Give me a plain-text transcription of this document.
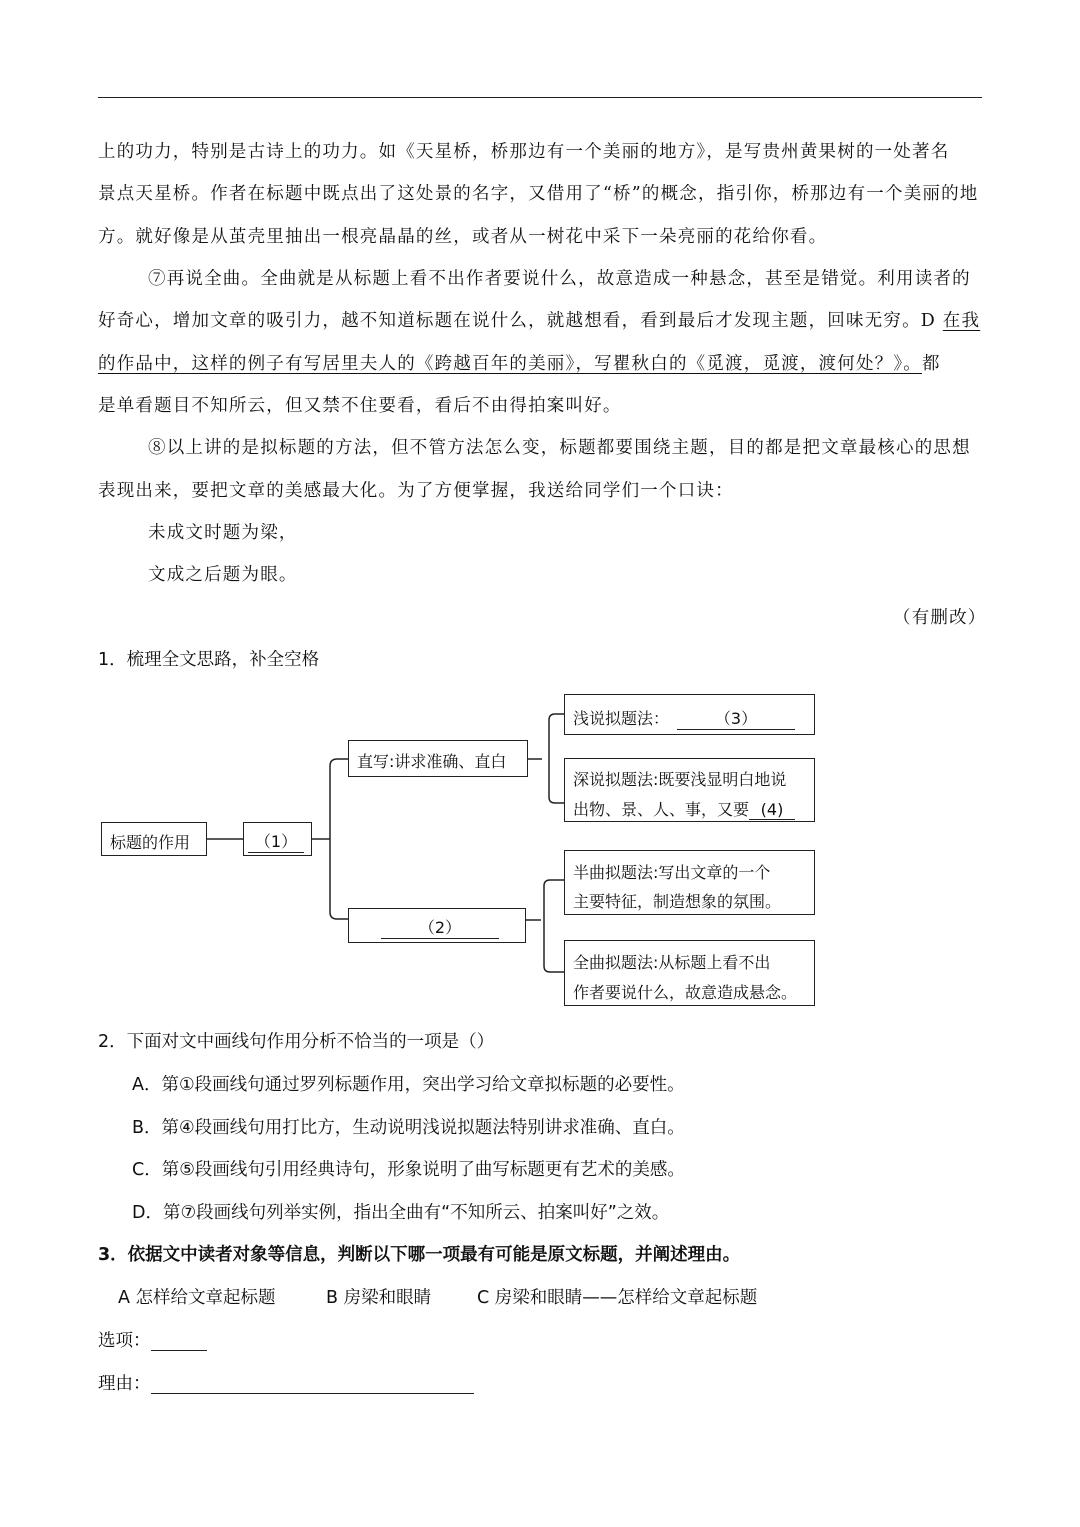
上的功力，特别是古诗上的功力。如《天星桥，桥那边有一个美丽的地方》，是写贵州黄果树的一处著名
景点天星桥。作者在标题中既点出了这处景的名字，又借用了“桥”的概念，指引你，桥那边有一个美丽的地
方。就好像是从茧壳里抽出一根亮晶晶的丝，或者从一树花中采下一朵亮丽的花给你看。
⑦再说全曲。全曲就是从标题上看不出作者要说什么，故意造成一种悬念，甚至是错觉。利用读者的
好奇心，增加文章的吸引力，越不知道标题在说什么，就越想看，看到最后才发现主题，回味无穷。D 在我
的作品中，这样的例子有写居里夫人的《跨越百年的美丽》，写瞿秋白的《觅渡，觅渡，渡何处？》。都
是单看题目不知所云，但又禁不住要看，看后不由得拍案叫好。
⑧以上讲的是拟标题的方法，但不管方法怎么变，标题都要围绕主题，目的都是把文章最核心的思想
表现出来，要把文章的美感最大化。为了方便掌握，我送给同学们一个口诀：
未成文时题为梁，
文成之后题为眼。
（有删改）
1．梳理全文思路，补全空格
标题的作用	（1）
直写:讲求准确、直白
（2）
浅说拟题法：	（3）
深说拟题法:既要浅显明白地说
出物、景、人、事，又要 (4)
半曲拟题法:写出文章的一个
主要特征，制造想象的氛围。
全曲拟题法:从标题上看不出
作者要说什么，故意造成悬念。
2．下面对文中画线句作用分析不恰当的一项是（）
A．第①段画线句通过罗列标题作用，突出学习给文章拟标题的必要性。
B．第④段画线句用打比方，生动说明浅说拟题法特别讲求准确、直白。
C．第⑤段画线句引用经典诗句，形象说明了曲写标题更有艺术的美感。
D．第⑦段画线句列举实例，指出全曲有“不知所云、拍案叫好”之效。
3．依据文中读者对象等信息，判断以下哪一项最有可能是原文标题，并阐述理由。
A 怎样给文章起标题	B 房梁和眼睛	C 房梁和眼睛——怎样给文章起标题
选项：
理由：
